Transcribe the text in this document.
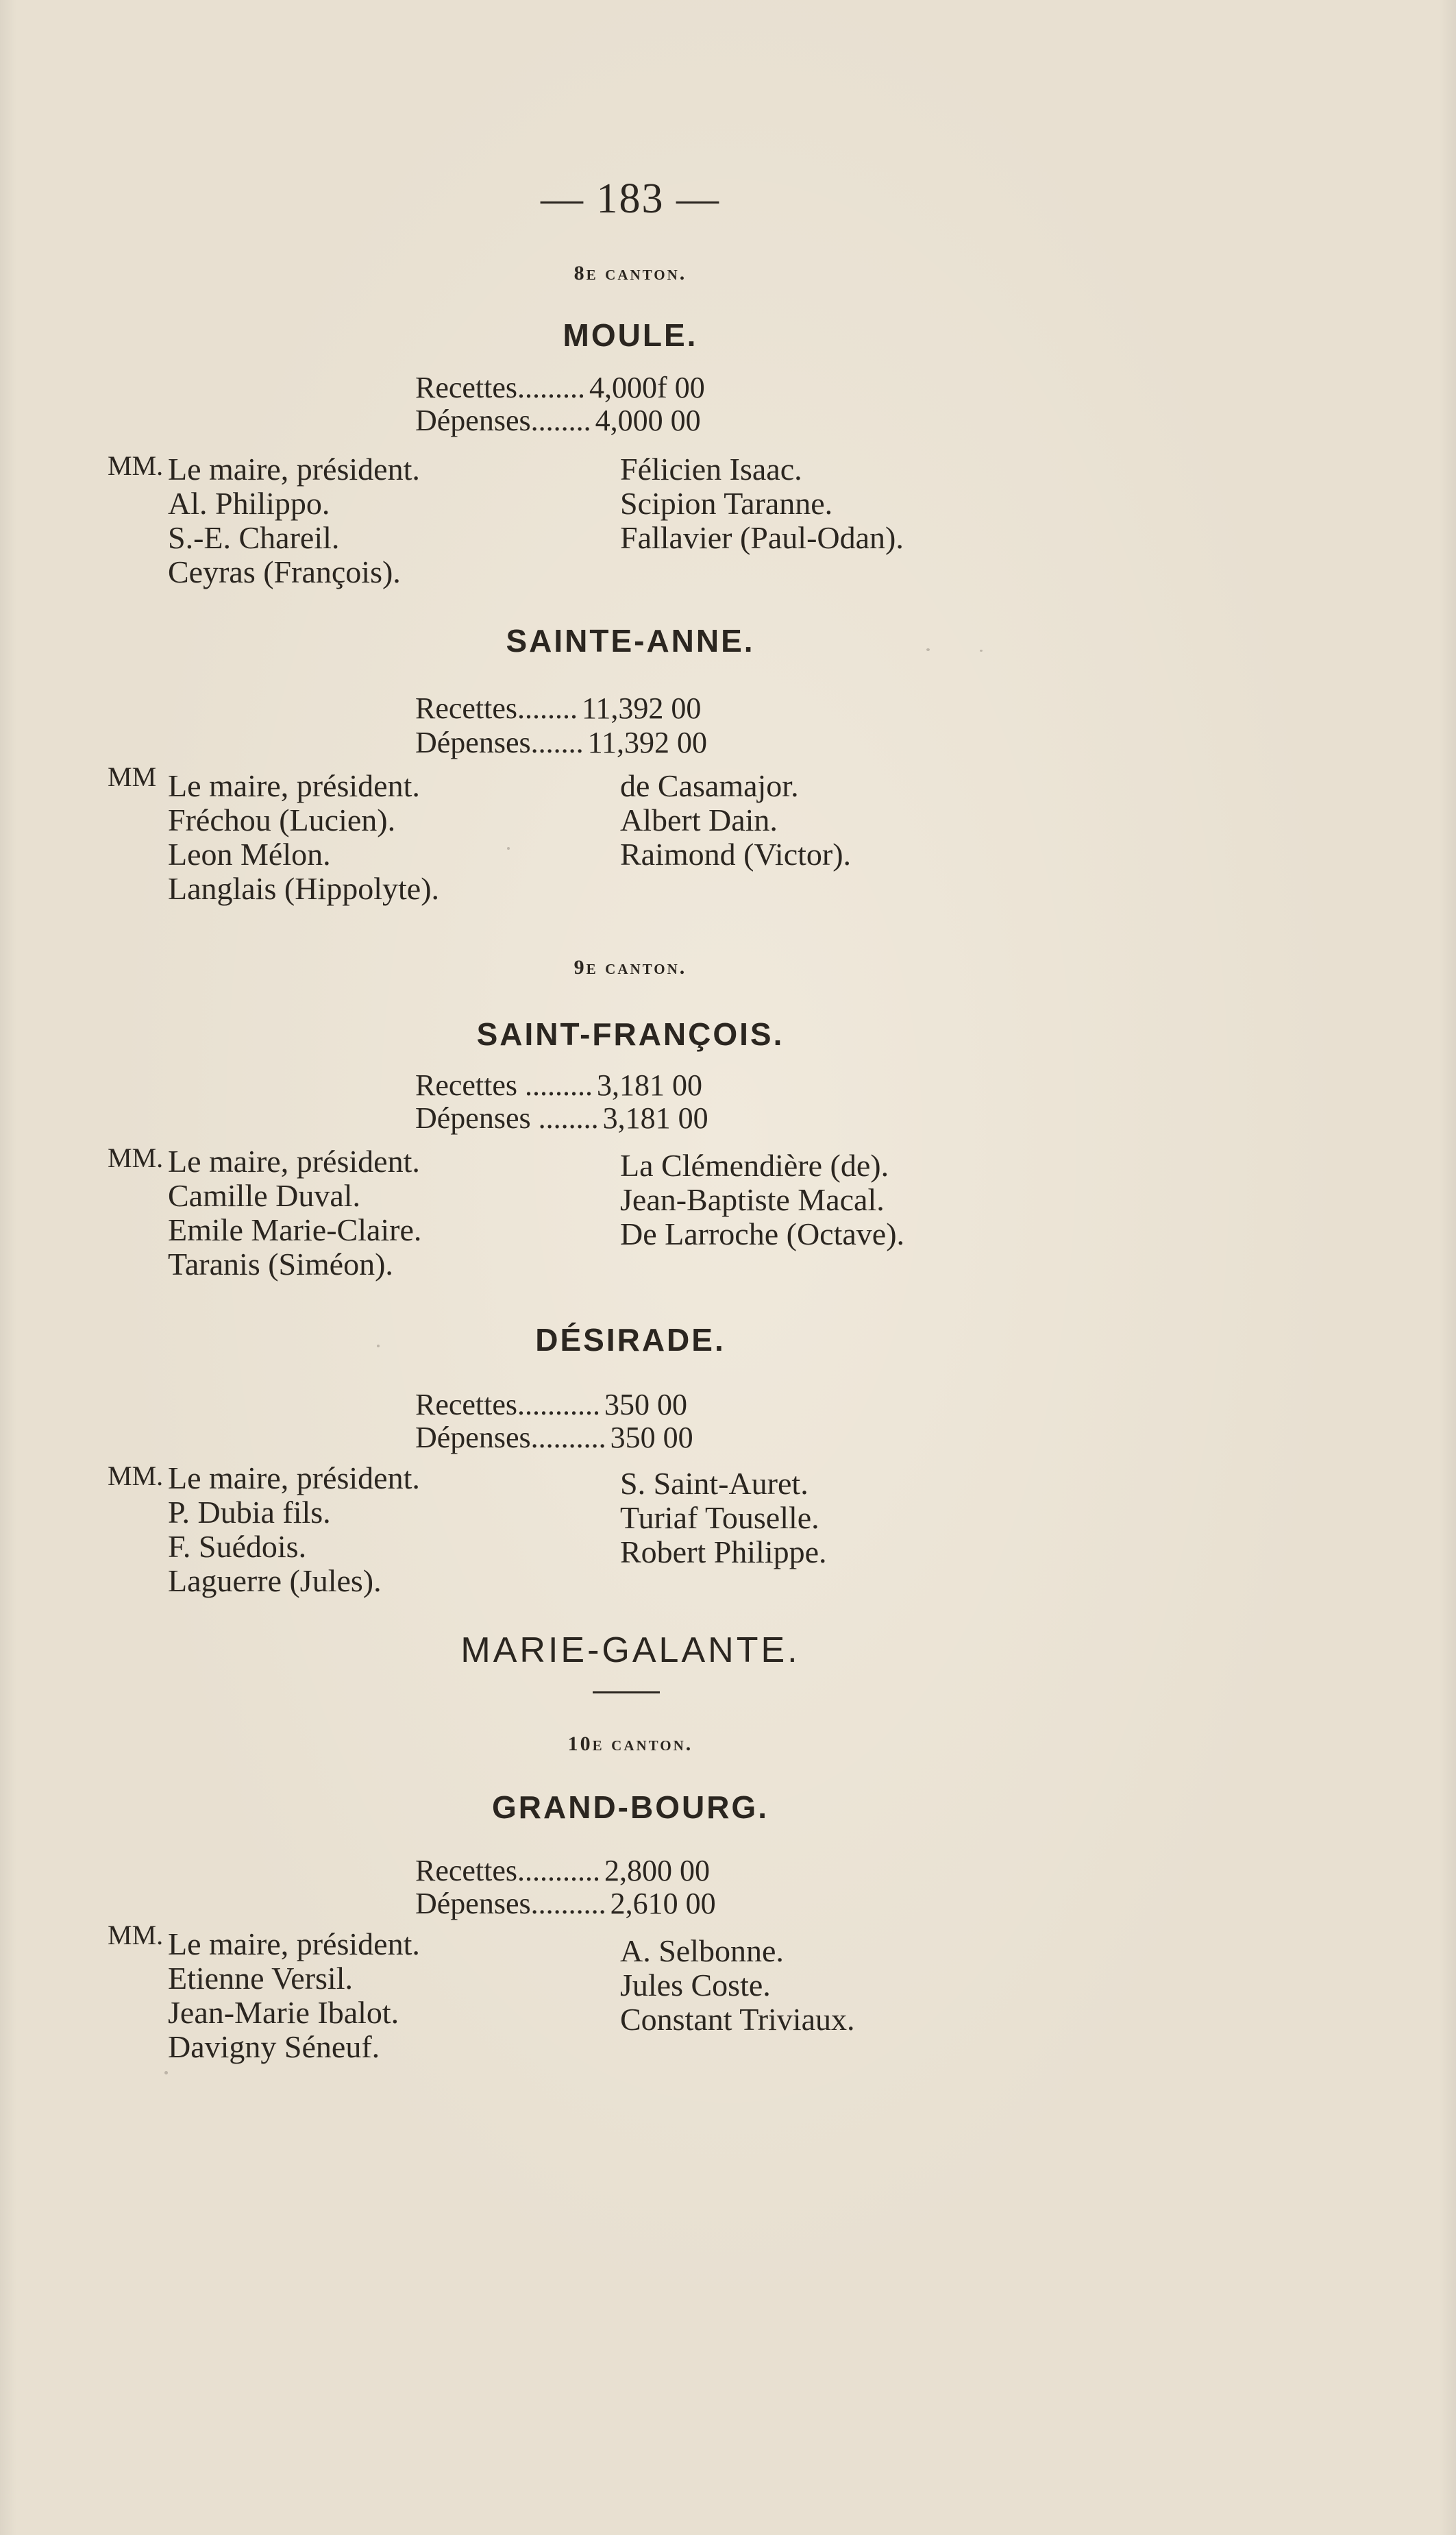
— 183 —
8e canton.
MOULE.
Recettes......... 4,000f 00
Dépenses........ 4,000 00
MM. Le maire, président.
Al. Philippo.
S.-E. Chareil.
Ceyras (François).
Félicien Isaac.
Scipion Taranne.
Fallavier (Paul-Odan).
SAINTE-ANNE.
Recettes........ 11,392 00
Dépenses....... 11,392 00
MM Le maire, président.
Fréchou (Lucien).
Leon Mélon.
Langlais (Hippolyte).
de Casamajor.
Albert Dain.
Raimond (Victor).
9e canton.
SAINT-FRANÇOIS.
Recettes ......... 3,181 00
Dépenses ........ 3,181 00
MM. Le maire, président.
Camille Duval.
Emile Marie-Claire.
Taranis (Siméon).
La Clémendière (de).
Jean-Baptiste Macal.
De Larroche (Octave).
DÉSIRADE.
Recettes........... 350 00
Dépenses.......... 350 00
MM. Le maire, président.
P. Dubia fils.
F. Suédois.
Laguerre (Jules).
S. Saint-Auret.
Turiaf Touselle.
Robert Philippe.
MARIE-GALANTE.
10e canton.
GRAND-BOURG.
Recettes........... 2,800 00
Dépenses.......... 2,610 00
MM. Le maire, président.
Etienne Versil.
Jean-Marie Ibalot.
Davigny Séneuf.
A. Selbonne.
Jules Coste.
Constant Triviaux.
